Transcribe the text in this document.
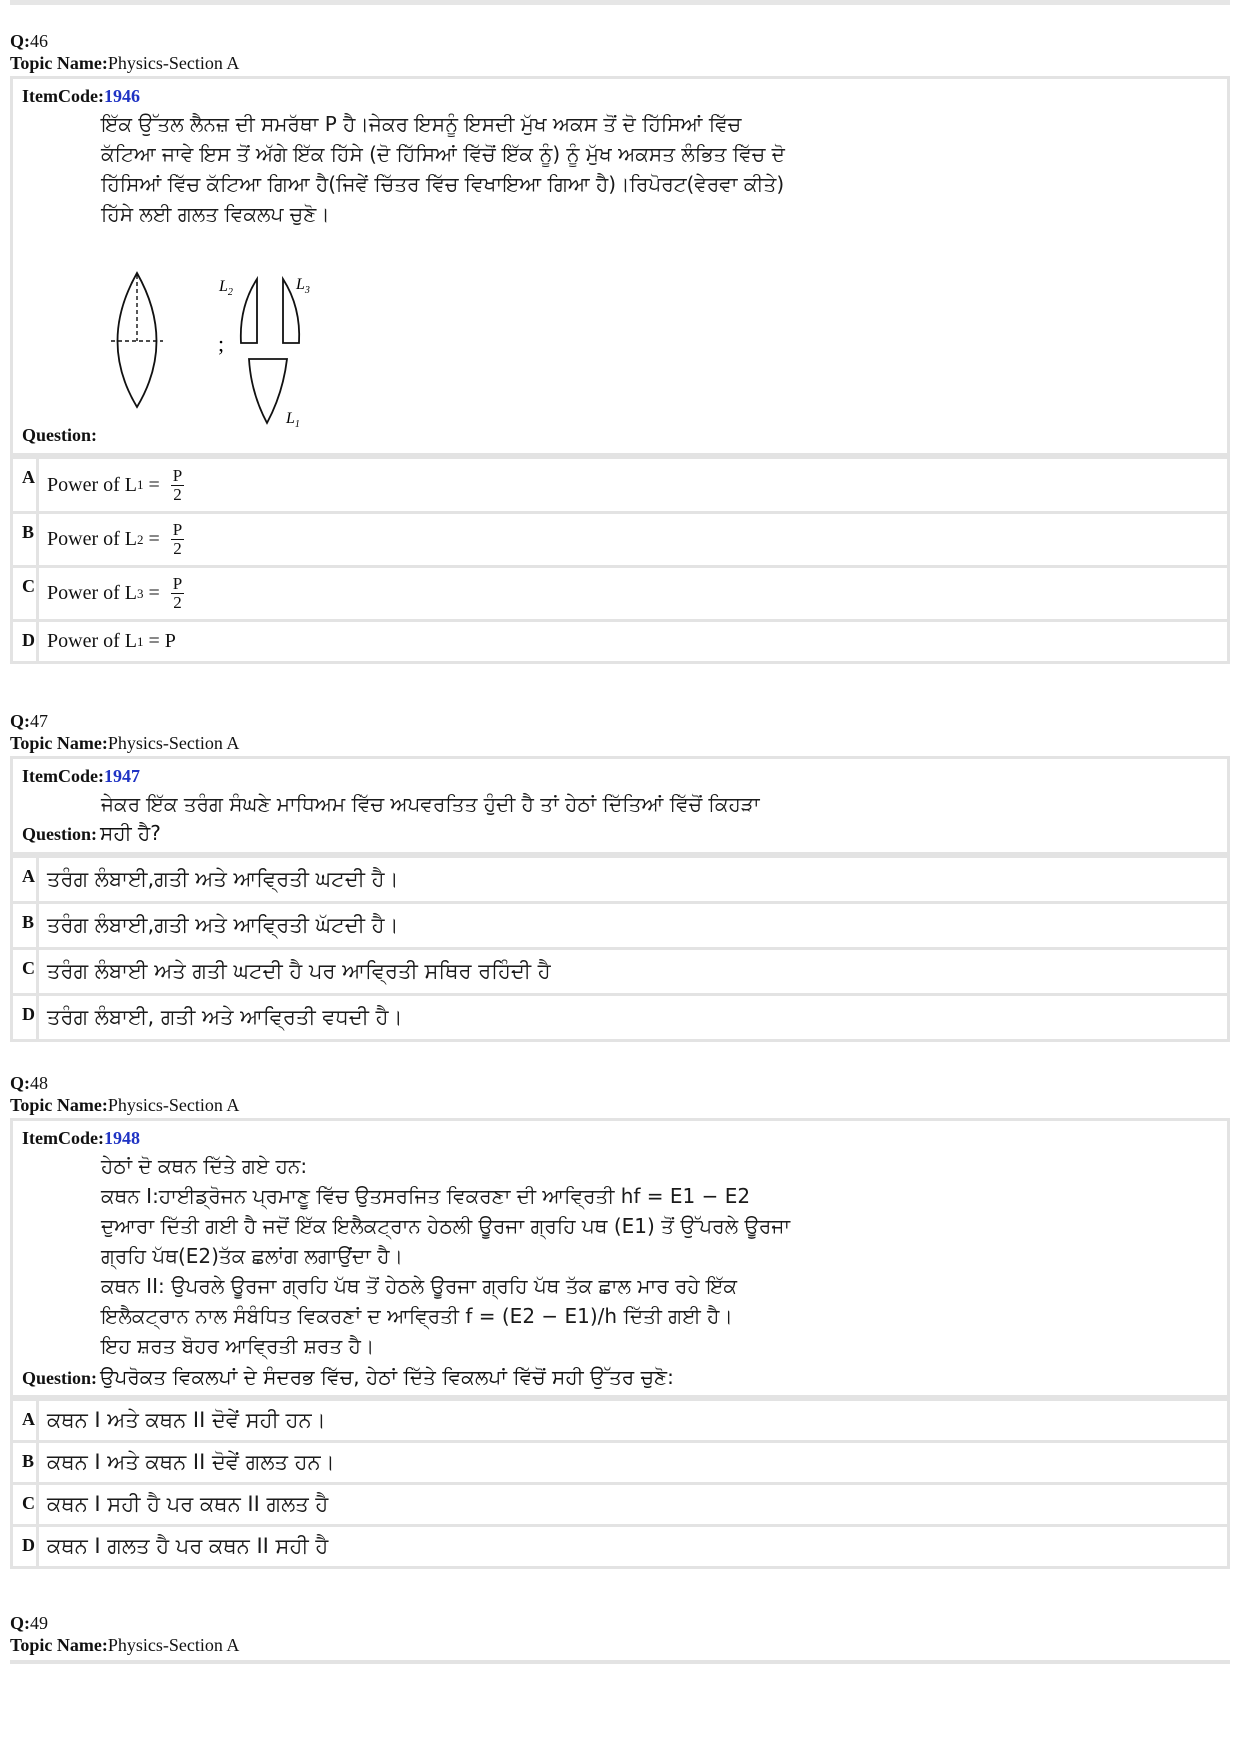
Q:46
Topic Name:Physics-Section A
ItemCode:1946
ਇੱਕ ਉੱਤਲ ਲੈਨਜ਼ ਦੀ ਸਮਰੱਥਾ P ਹੈ।ਜੇਕਰ ਇਸਨੂੰ ਇਸਦੀ ਮੁੱਖ ਅਕਸ ਤੋਂ ਦੋ ਹਿੱਸਿਆਂ ਵਿੱਚ
ਕੱਟਿਆ ਜਾਵੇ ਇਸ ਤੋਂ ਅੱਗੇ ਇੱਕ ਹਿੱਸੇ (ਦੋ ਹਿੱਸਿਆਂ ਵਿੱਚੋਂ ਇੱਕ ਨੂੰ) ਨੂੰ ਮੁੱਖ ਅਕਸਤ ਲੰਭਿਤ ਵਿੱਚ ਦੋ
ਹਿੱਸਿਆਂ ਵਿੱਚ ਕੱਟਿਆ ਗਿਆ ਹੈ(ਜਿਵੇਂ ਚਿੱਤਰ ਵਿੱਚ ਵਿਖਾਇਆ ਗਿਆ ਹੈ)।ਰਿਪੋਰਟ(ਵੇਰਵਾ ਕੀਤੇ)
ਹਿੱਸੇ ਲਈ ਗਲਤ ਵਿਕਲਪ ਚੁਣੋ।
;
$L_2$	$L_3$
$L_1$
Question:
A Power of L $1 = \frac{P}{2}$
B Power of L $2 = \frac{P}{2}$
C Power of L $3 = \frac{P}{2}$
D Power of L 1 = P
Q:47
Topic Name:Physics-Section A
ItemCode:1947
ਜੇਕਰ ਇੱਕ ਤਰੰਗ ਸੰਘਣੇ ਮਾਧਿਅਮ ਵਿੱਚ ਅਪਵਰਤਿਤ ਹੁੰਦੀ ਹੈ ਤਾਂ ਹੇਠਾਂ ਦਿੱਤਿਆਂ ਵਿੱਚੋਂ ਕਿਹੜਾ
Question: ਸਹੀ ਹੈ?
A ਤਰੰਗ ਲੰਬਾਈ,ਗਤੀ ਅਤੇ ਆਵ੍ਰਿਤੀ ਘਟਦੀ ਹੈ।
B ਤਰੰਗ ਲੰਬਾਈ,ਗਤੀ ਅਤੇ ਆਵ੍ਰਿਤੀ ਘੱਟਦੀ ਹੈ।
C ਤਰੰਗ ਲੰਬਾਈ ਅਤੇ ਗਤੀ ਘਟਦੀ ਹੈ ਪਰ ਆਵ੍ਰਿਤੀ ਸਥਿਰ ਰਹਿੰਦੀ ਹੈ
D ਤਰੰਗ ਲੰਬਾਈ, ਗਤੀ ਅਤੇ ਆਵ੍ਰਿਤੀ ਵਧਦੀ ਹੈ।
Q:48
Topic Name:Physics-Section A
ItemCode:1948
ਹੇਠਾਂ ਦੋ ਕਥਨ ਦਿੱਤੇ ਗਏ ਹਨ:
ਕਥਨ I:ਹਾਈਡ੍ਰੋਜਨ ਪ੍ਰਮਾਣੂ ਵਿੱਚ ਉਤਸਰਜਿਤ ਵਿਕਰਣਾ ਦੀ ਆਵ੍ਰਿਤੀ hf = E1 − E2
ਦੁਆਰਾ ਦਿੱਤੀ ਗਈ ਹੈ ਜਦੋਂ ਇੱਕ ਇਲੈਕਟ੍ਰਾਨ ਹੇਠਲੀ ਊਰਜਾ ਗ੍ਰਹਿ ਪਥ (E1) ਤੋਂ ਉੱਪਰਲੇ ਊਰਜਾ
ਗ੍ਰਹਿ ਪੱਥ(E2)ਤੱਕ ਛਲਾਂਗ ਲਗਾਉਂਦਾ ਹੈ।
ਕਥਨ II: ਉਪਰਲੇ ਊਰਜਾ ਗ੍ਰਹਿ ਪੱਥ ਤੋਂ ਹੇਠਲੇ ਊਰਜਾ ਗ੍ਰਹਿ ਪੱਥ ਤੱਕ ਛਾਲ ਮਾਰ ਰਹੇ ਇੱਕ
ਇਲੈਕਟ੍ਰਾਨ ਨਾਲ ਸੰਬੰਧਿਤ ਵਿਕਰਣਾਂ ਦ ਆਵ੍ਰਿਤੀ f = (E2 − E1)/h ਦਿੱਤੀ ਗਈ ਹੈ।
ਇਹ ਸ਼ਰਤ ਬੋਹਰ ਆਵ੍ਰਿਤੀ ਸ਼ਰਤ ਹੈ।
Question: ਉਪਰੋਕਤ ਵਿਕਲਪਾਂ ਦੇ ਸੰਦਰਭ ਵਿੱਚ, ਹੇਠਾਂ ਦਿੱਤੇ ਵਿਕਲਪਾਂ ਵਿੱਚੋਂ ਸਹੀ ਉੱਤਰ ਚੁਣੋ:
A ਕਥਨ I ਅਤੇ ਕਥਨ II ਦੋਵੇਂ ਸਹੀ ਹਨ।
B ਕਥਨ I ਅਤੇ ਕਥਨ II ਦੋਵੇਂ ਗਲਤ ਹਨ।
C ਕਥਨ I ਸਹੀ ਹੈ ਪਰ ਕਥਨ II ਗਲਤ ਹੈ
D ਕਥਨ I ਗਲਤ ਹੈ ਪਰ ਕਥਨ II ਸਹੀ ਹੈ
Q:49
Topic Name:Physics-Section A
